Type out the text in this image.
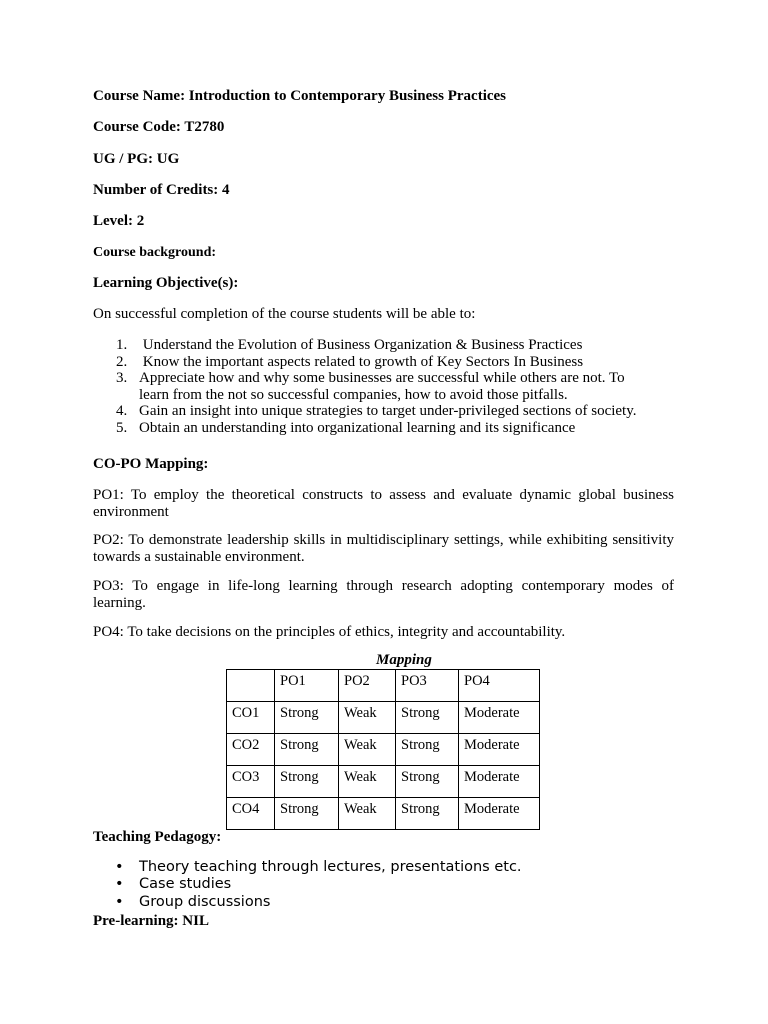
Course Name: Introduction to Contemporary Business Practices
Course Code: T2780
UG / PG: UG
Number of Credits: 4
Level: 2
Course background:
Learning Objective(s):
On successful completion of the course students will be able to:
1. Understand the Evolution of Business Organization & Business Practices
2. Know the important aspects related to growth of Key Sectors In Business
3. Appreciate how and why some businesses are successful while others are not. To learn from the not so successful companies, how to avoid those pitfalls.
4. Gain an insight into unique strategies to target under-privileged sections of society.
5. Obtain an understanding into organizational learning and its significance
CO-PO Mapping:
PO1: To employ the theoretical constructs to assess and evaluate dynamic global business environment
PO2: To demonstrate leadership skills in multidisciplinary settings, while exhibiting sensitivity towards a sustainable environment.
PO3: To engage in life-long learning through research adopting contemporary modes of learning.
PO4: To take decisions on the principles of ethics, integrity and accountability.
Mapping
	PO1	PO2	PO3	PO4
CO1	Strong	Weak	Strong	Moderate
CO2	Strong	Weak	Strong	Moderate
CO3	Strong	Weak	Strong	Moderate
CO4	Strong	Weak	Strong	Moderate
Teaching Pedagogy:
• Theory teaching through lectures, presentations etc.
• Case studies
• Group discussions
Pre-learning: NIL
